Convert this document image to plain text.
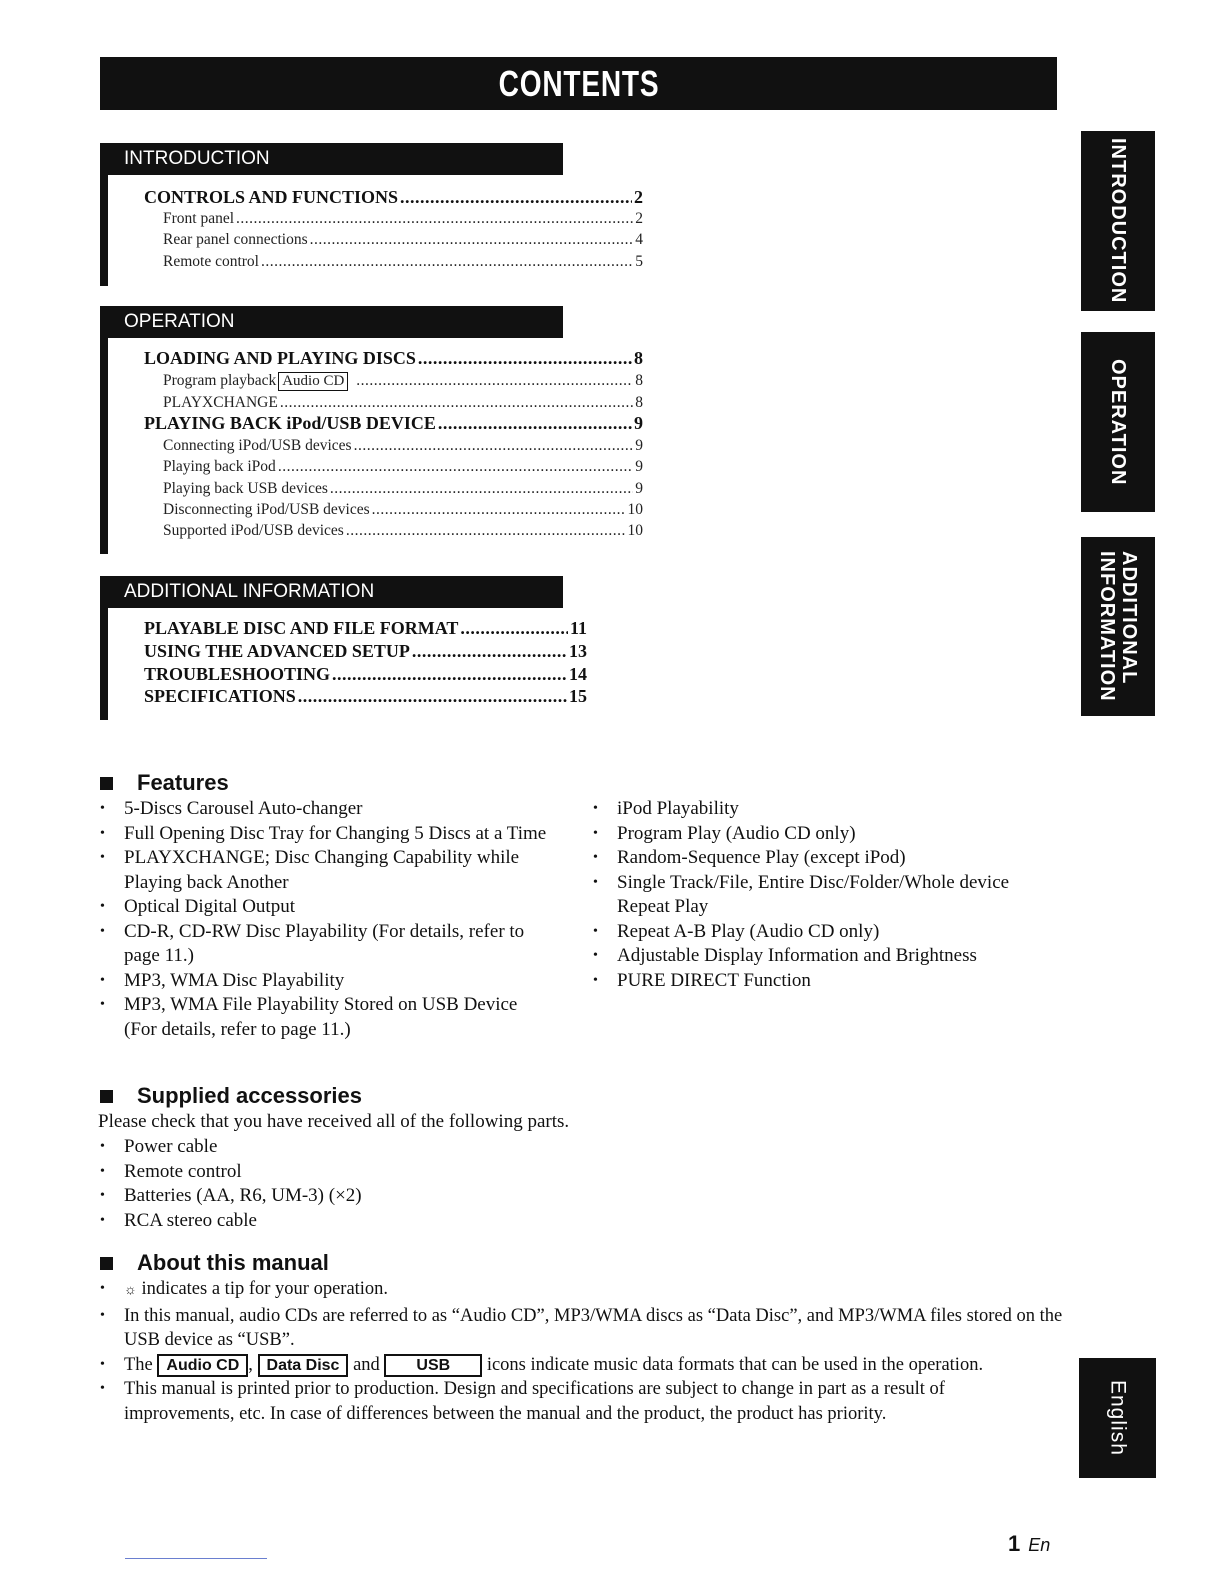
CONTENTS
INTRODUCTION
CONTROLS AND FUNCTIONS .....	2
Front panel .....	2
Rear panel connections .....	4
Remote control .....	5
OPERATION
LOADING AND PLAYING DISCS .....	8
Program playback Audio CD .....	8
PLAYXCHANGE .....	8
PLAYING BACK iPod/USB DEVICE .....	9
Connecting iPod/USB devices .....	9
Playing back iPod .....	9
Playing back USB devices .....	9
Disconnecting iPod/USB devices .....	10
Supported iPod/USB devices .....	10
ADDITIONAL INFORMATION
PLAYABLE DISC AND FILE FORMAT .....	11
USING THE ADVANCED SETUP .....	13
TROUBLESHOOTING .....	14
SPECIFICATIONS .....	15
INTRODUCTION
OPERATION
ADDITIONAL
INFORMATION
English
Features
• 5-Discs Carousel Auto-changer
• Full Opening Disc Tray for Changing 5 Discs at a Time
• PLAYXCHANGE; Disc Changing Capability while Playing back Another
• Optical Digital Output
• CD-R, CD-RW Disc Playability (For details, refer to page 11.)
• MP3, WMA Disc Playability
• MP3, WMA File Playability Stored on USB Device (For details, refer to page 11.)
• iPod Playability
• Program Play (Audio CD only)
• Random-Sequence Play (except iPod)
• Single Track/File, Entire Disc/Folder/Whole device Repeat Play
• Repeat A-B Play (Audio CD only)
• Adjustable Display Information and Brightness
• PURE DIRECT Function
Supplied accessories
Please check that you have received all of the following parts.
• Power cable
• Remote control
• Batteries (AA, R6, UM-3) (×2)
• RCA stereo cable
About this manual
• ☼ indicates a tip for your operation.
• In this manual, audio CDs are referred to as “Audio CD”, MP3/WMA discs as “Data Disc”, and MP3/WMA files stored on the USB device as “USB”.
• The Audio CD , Data Disc and USB icons indicate music data formats that can be used in the operation.
• This manual is printed prior to production. Design and specifications are subject to change in part as a result of improvements, etc. In case of differences between the manual and the product, the product has priority.
1 En
